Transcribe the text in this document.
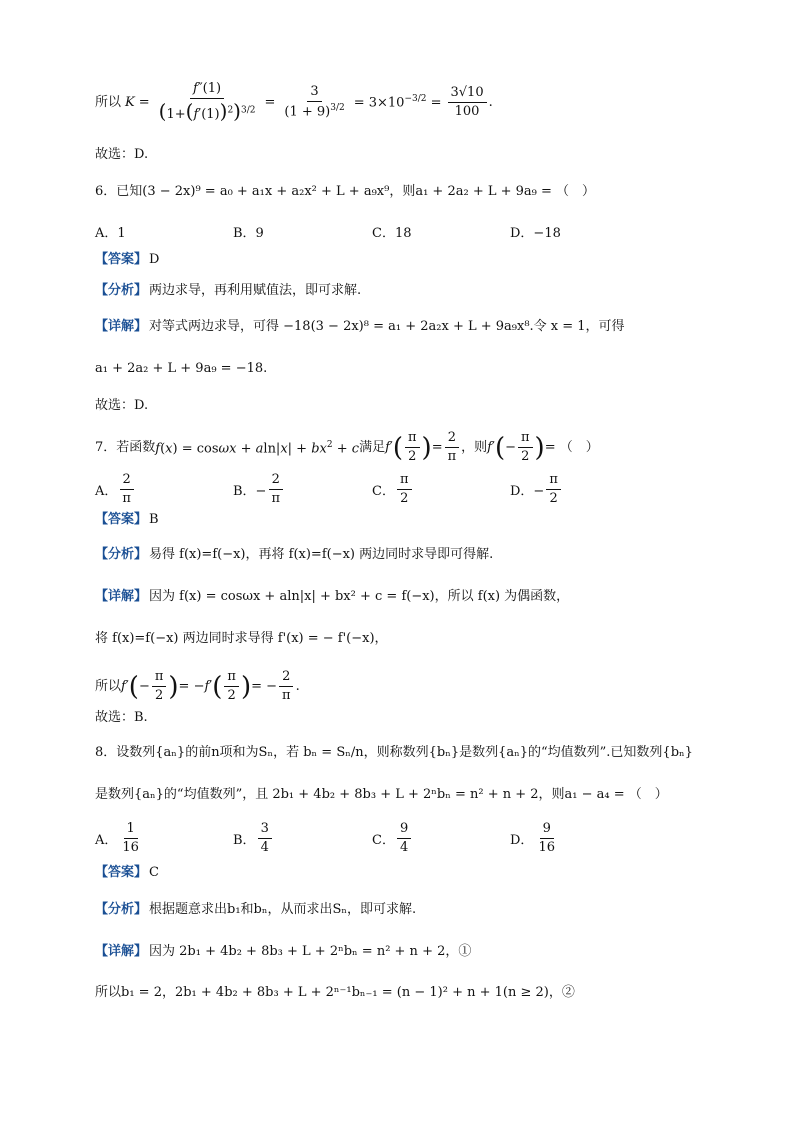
所以 $K = \frac{f''(1)}{(1+(f'(1))^2)^{3/2}} = \frac{3}{(1 + 9)^{3/2}} = 3\times 10^{-3/2} = \frac{3√10}{100}$ .
故选：D.
6．已知(3 − 2x)⁹ = a₀ + a₁x + a₂x² + L + a₉x⁹，则a₁ + 2a₂ + L + 9a₉ = （　）
A．1	B．9	C．18	D．−18
【答案】 D
【分析】 两边求导，再利用赋值法，即可求解.
【详解】 对等式两边求导，可得 −18(3 − 2x)⁸ = a₁ + 2a₂x + L + 9a₉x⁸.令 x = 1，可得
a₁ + 2a₂ + L + 9a₉ = −18.
故选：D.
7．若函数 $f(x) = \cos\omega x + aln|x| + bx^2 + c$ 满足 f′ ( $\frac{\pi}{2}$ ) = $\frac{2}{\pi}$ ，则 f′ ( − $\frac{\pi}{2}$ ) = （　）
A． $\frac{2}{\pi}$	B．− $\frac{2}{\pi}$	C． $\frac{\pi}{2}$	D．− $\frac{\pi}{2}$
【答案】 B
【分析】 易得 f(x)=f(−x)，再将 f(x)=f(−x) 两边同时求导即可得解.
【详解】 因为 f(x) = cosωx + aln|x| + bx² + c = f(−x)，所以 f(x) 为偶函数，
将 f(x)=f(−x) 两边同时求导得 f'(x) = − f'(−x)，
所以 f′ ( − $\frac{\pi}{2}$ ) = − f′ ( $\frac{\pi}{2}$ ) = − $\frac{2}{\pi}$ .
故选：B.
8．设数列{aₙ}的前n项和为Sₙ，若 bₙ = Sₙ/n，则称数列{bₙ}是数列{aₙ}的“均值数列”.已知数列{bₙ}
是数列{aₙ}的“均值数列”，且 2b₁ + 4b₂ + 8b₃ + L + 2ⁿbₙ = n² + n + 2，则a₁ − a₄ = （　）
A． $\frac{1}{16}$	B． $\frac{3}{4}$	C． $\frac{9}{4}$	D． $\frac{9}{16}$
【答案】 C
【分析】 根据题意求出b₁和bₙ，从而求出Sₙ，即可求解.
【详解】 因为 2b₁ + 4b₂ + 8b₃ + L + 2ⁿbₙ = n² + n + 2，①
所以b₁ = 2，2b₁ + 4b₂ + 8b₃ + L + 2ⁿ⁻¹bₙ₋₁ = (n − 1)² + n + 1(n ≥ 2)，②
